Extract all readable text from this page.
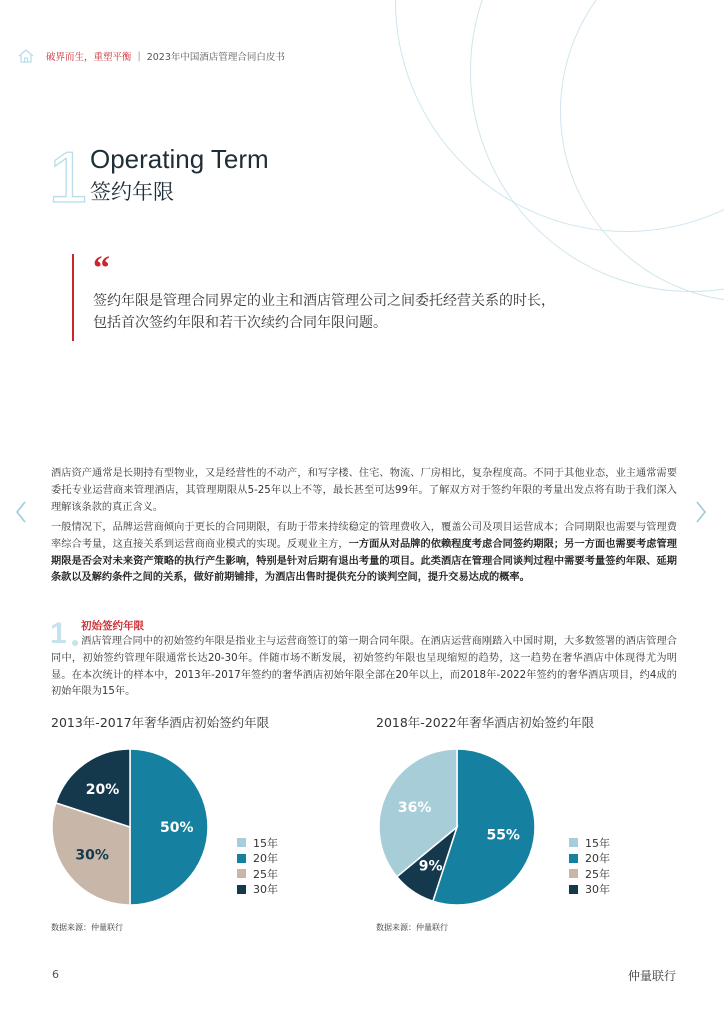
破界而生，重塑平衡 | 2023年中国酒店管理合同白皮书
1 Operating Term
签约年限
“
签约年限是管理合同界定的业主和酒店管理公司之间委托经营关系的时长，包括首次签约年限和若干次续约合同年限问题。

酒店资产通常是长期持有型物业，又是经营性的不动产，和写字楼、住宅、物流、厂房相比，复杂程度高。不同于其他业态，业主通常需要委托专业运营商来管理酒店，其管理期限从5-25年以上不等，最长甚至可达99年。了解双方对于签约年限的考量出发点将有助于我们深入理解该条款的真正含义。

一般情况下，品牌运营商倾向于更长的合同期限，有助于带来持续稳定的管理费收入，覆盖公司及项目运营成本；合同期限也需要与管理费率综合考量，这直接关系到运营商商业模式的实现。反观业主方，一方面从对品牌的依赖程度考虑合同签约期限；另一方面也需要考虑管理期限是否会对未来资产策略的执行产生影响，特别是针对后期有退出考量的项目。此类酒店在管理合同谈判过程中需要考量签约年限、延期条款以及解约条件之间的关系，做好前期铺排，为酒店出售时提供充分的谈判空间，提升交易达成的概率。

1 初始签约年限

酒店管理合同中的初始签约年限是指业主与运营商签订的第一期合同年限。在酒店运营商刚踏入中国时期，大多数签署的酒店管理合同中，初始签约管理年限通常长达20-30年。伴随市场不断发展，初始签约年限也呈现缩短的趋势，这一趋势在奢华酒店中体现得尤为明显。在本次统计的样本中，2013年-2017年签约的奢华酒店初始年限全部在20年以上，而2018年-2022年签约的奢华酒店项目，约4成的初始年限为15年。

2013年-2017年奢华酒店初始签约年限
50%
30%
20%
15年
20年
25年
30年
数据来源：仲量联行
2018年-2022年奢华酒店初始签约年限
55%
9%
36%
15年
20年
25年
30年
数据来源：仲量联行
6	仲量联行
